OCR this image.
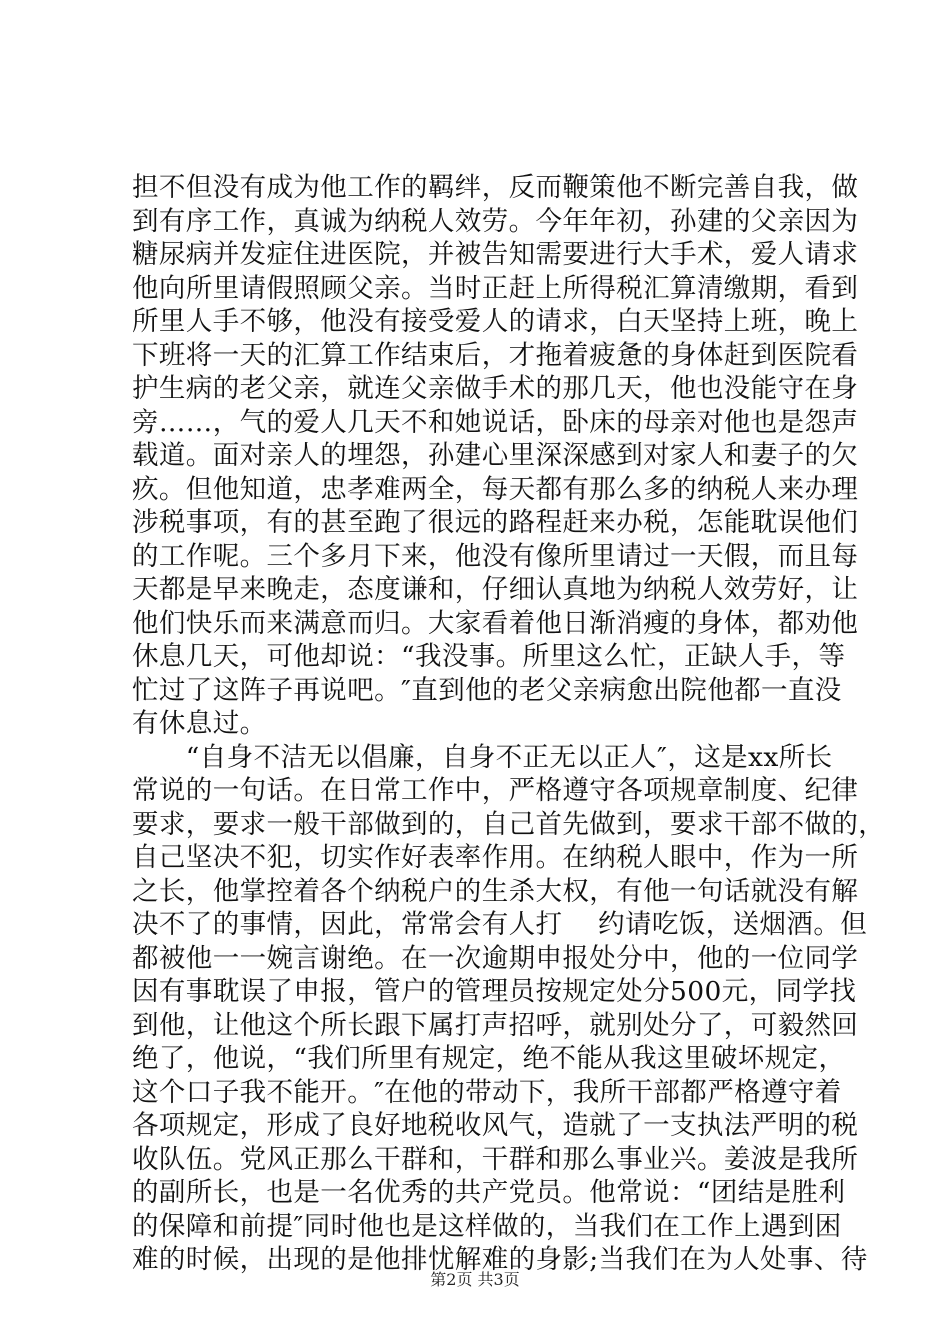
担不但没有成为他工作的羁绊，反而鞭策他不断完善自我，做
到有序工作，真诚为纳税人效劳。今年年初，孙建的父亲因为
糖尿病并发症住进医院，并被告知需要进行大手术，爱人请求
他向所里请假照顾父亲。当时正赶上所得税汇算清缴期，看到
所里人手不够，他没有接受爱人的请求，白天坚持上班，晚上
下班将一天的汇算工作结束后，才拖着疲惫的身体赶到医院看
护生病的老父亲，就连父亲做手术的那几天，他也没能守在身
旁……，气的爱人几天不和她说话，卧床的母亲对他也是怨声
载道。面对亲人的埋怨，孙建心里深深感到对家人和妻子的欠
疚。但他知道，忠孝难两全，每天都有那么多的纳税人来办理
涉税事项，有的甚至跑了很远的路程赶来办税，怎能耽误他们
的工作呢。三个多月下来，他没有像所里请过一天假，而且每
天都是早来晚走，态度谦和，仔细认真地为纳税人效劳好，让
他们快乐而来满意而归。大家看着他日渐消瘦的身体，都劝他
休息几天，可他却说：“我没事。所里这么忙，正缺人手，等
忙过了这阵子再说吧。″直到他的老父亲病愈出院他都一直没
有休息过。
　　“自身不洁无以倡廉，自身不正无以正人″，这是xx所长
常说的一句话。在日常工作中，严格遵守各项规章制度、纪律
要求，要求一般干部做到的，自己首先做到，要求干部不做的，
自己坚决不犯，切实作好表率作用。在纳税人眼中，作为一所
之长，他掌控着各个纳税户的生杀大权，有他一句话就没有解
决不了的事情，因此，常常会有人打　 约请吃饭，送烟酒。但
都被他一一婉言谢绝。在一次逾期申报处分中，他的一位同学
因有事耽误了申报，管户的管理员按规定处分500元，同学找
到他，让他这个所长跟下属打声招呼，就别处分了，可毅然回
绝了，他说，“我们所里有规定，绝不能从我这里破坏规定，
这个口子我不能开。″在他的带动下，我所干部都严格遵守着
各项规定，形成了良好地税收风气，造就了一支执法严明的税
收队伍。党风正那么干群和，干群和那么事业兴。姜波是我所
的副所长，也是一名优秀的共产党员。他常说：“团结是胜利
的保障和前提″同时他也是这样做的，当我们在工作上遇到困
难的时候，出现的是他排忧解难的身影;当我们在为人处事、待
第2页 共3页
